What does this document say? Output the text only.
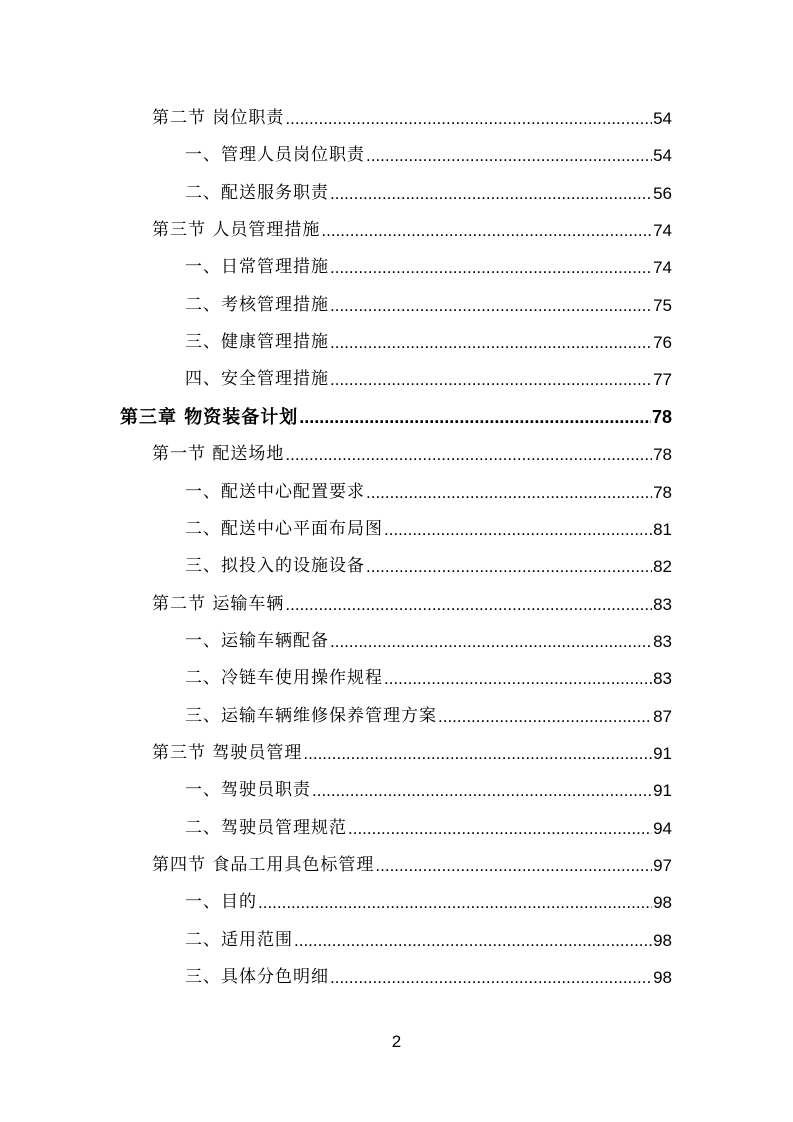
第二节 岗位职责 .....	54
一、管理人员岗位职责 .....	54
二、配送服务职责 .....	56
第三节 人员管理措施 .....	74
一、日常管理措施 .....	74
二、考核管理措施 .....	75
三、健康管理措施 .....	76
四、安全管理措施 .....	77
第三章 物资装备计划 .....	78
第一节 配送场地 .....	78
一、配送中心配置要求 .....	78
二、配送中心平面布局图 .....	81
三、拟投入的设施设备 .....	82
第二节 运输车辆 .....	83
一、运输车辆配备 .....	83
二、冷链车使用操作规程 .....	83
三、运输车辆维修保养管理方案 .....	87
第三节 驾驶员管理 .....	91
一、驾驶员职责 .....	91
二、驾驶员管理规范 .....	94
第四节 食品工用具色标管理 .....	97
一、目的 .....	98
二、适用范围 .....	98
三、具体分色明细 .....	98
2
